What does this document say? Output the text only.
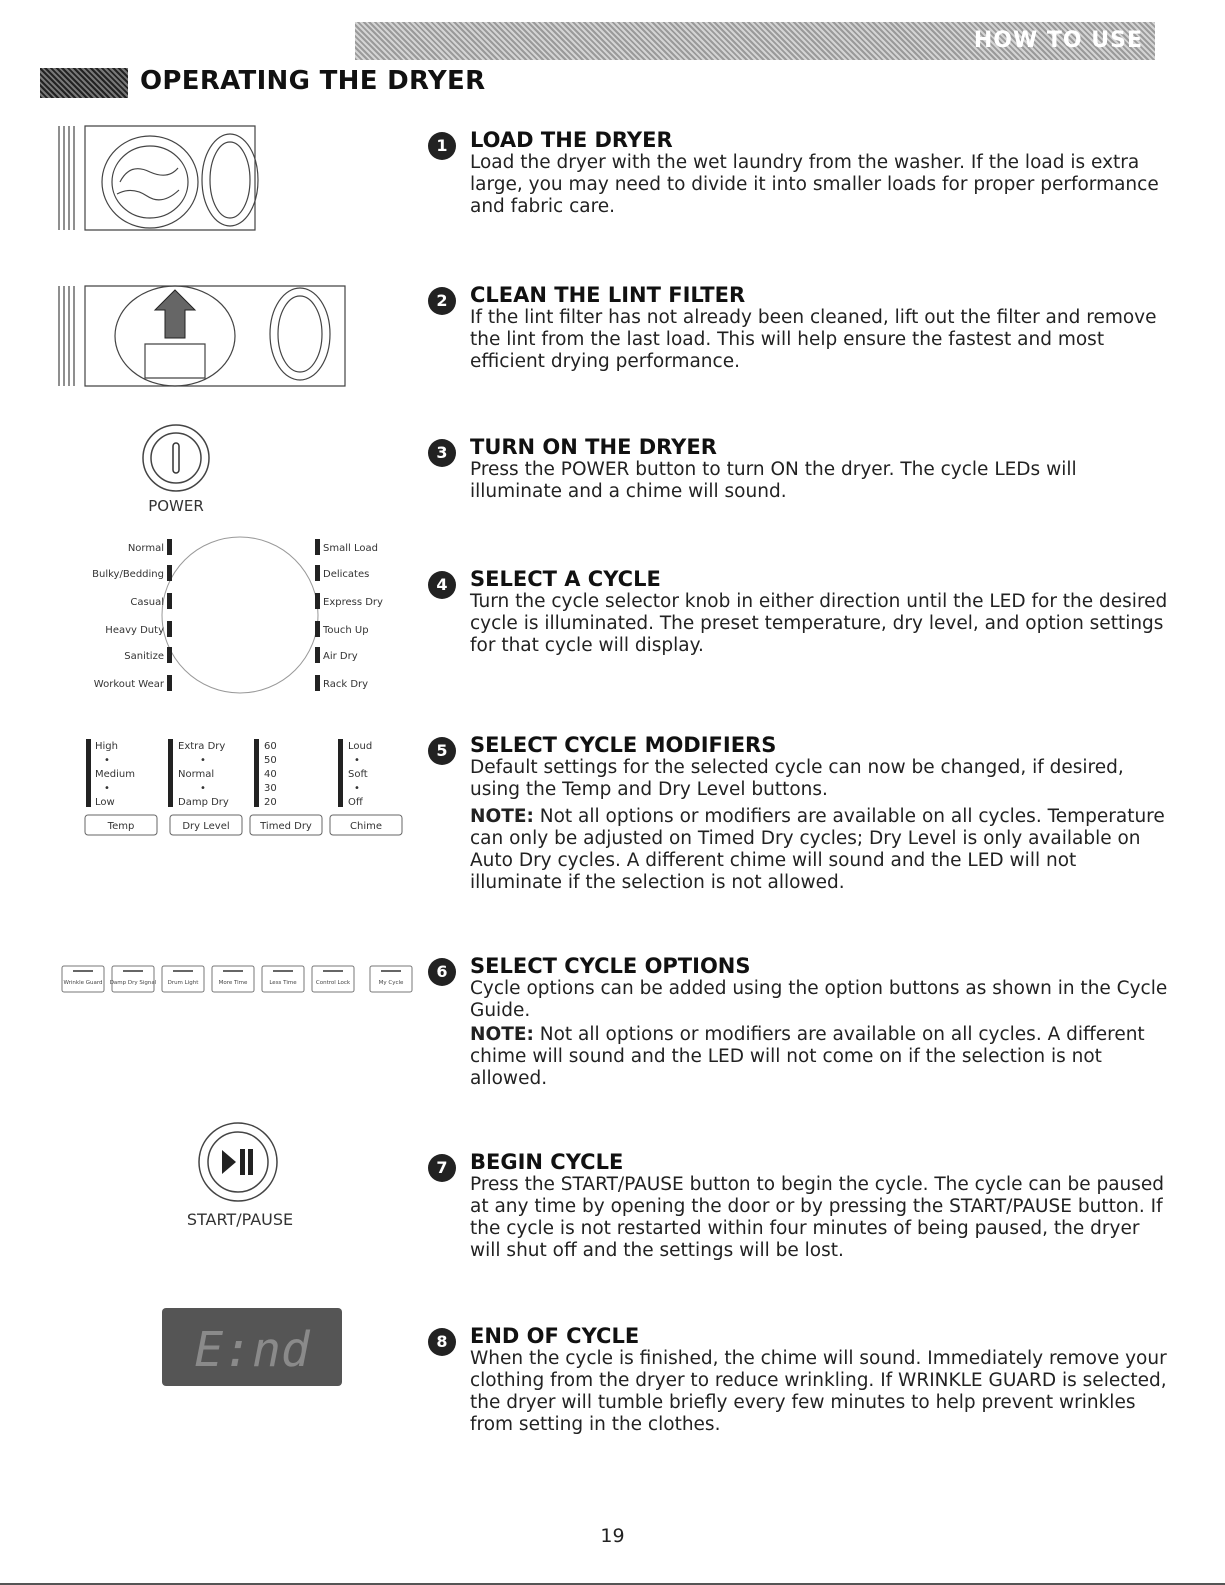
HOW TO USE
OPERATING THE DRYER
POWER
Normal
Bulky/Bedding
Casual
Heavy Duty
Sanitize
Workout Wear
Small Load
Delicates
Express Dry
Touch Up
Air Dry
Rack Dry
High
•
Medium
•
Low
Extra Dry
•
Normal
•
Damp Dry
60
50
40
30
20
Loud
•
Soft
•
Off
Temp	Dry Level	Timed Dry	Chime
Wrinkle Guard Damp Dry Signal Drum Light	More Time	Less Time	Control Lock	My Cycle
START/PAUSE
E:nd
1	LOAD THE DRYER

Load the dryer with the wet laundry from the washer. If the load is extra large, you may need to divide it into smaller loads for proper performance and fabric care.

2	CLEAN THE LINT FILTER

If the lint filter has not already been cleaned, lift out the filter and remove the lint from the last load. This will help ensure the fastest and most efficient drying performance.

3	TURN ON THE DRYER

Press the POWER button to turn ON the dryer. The cycle LEDs will illuminate and a chime will sound.

4	SELECT A CYCLE

Turn the cycle selector knob in either direction until the LED for the desired cycle is illuminated. The preset temperature, dry level, and option settings for that cycle will display.

5	SELECT CYCLE MODIFIERS

Default settings for the selected cycle can now be changed, if desired, using the Temp and Dry Level buttons.

NOTE: Not all options or modifiers are available on all cycles. Temperature can only be adjusted on Timed Dry cycles; Dry Level is only available on Auto Dry cycles. A different chime will sound and the LED will not illuminate if the selection is not allowed.

6	SELECT CYCLE OPTIONS

Cycle options can be added using the option buttons as shown in the Cycle Guide.

NOTE: Not all options or modifiers are available on all cycles. A different chime will sound and the LED will not come on if the selection is not allowed.

7	BEGIN CYCLE

Press the START/PAUSE button to begin the cycle. The cycle can be paused at any time by opening the door or by pressing the START/PAUSE button. If the cycle is not restarted within four minutes of being paused, the dryer will shut off and the settings will be lost.

8	END OF CYCLE

When the cycle is finished, the chime will sound. Immediately remove your clothing from the dryer to reduce wrinkling. If WRINKLE GUARD is selected, the dryer will tumble briefly every few minutes to help prevent wrinkles from setting in the clothes.

19
